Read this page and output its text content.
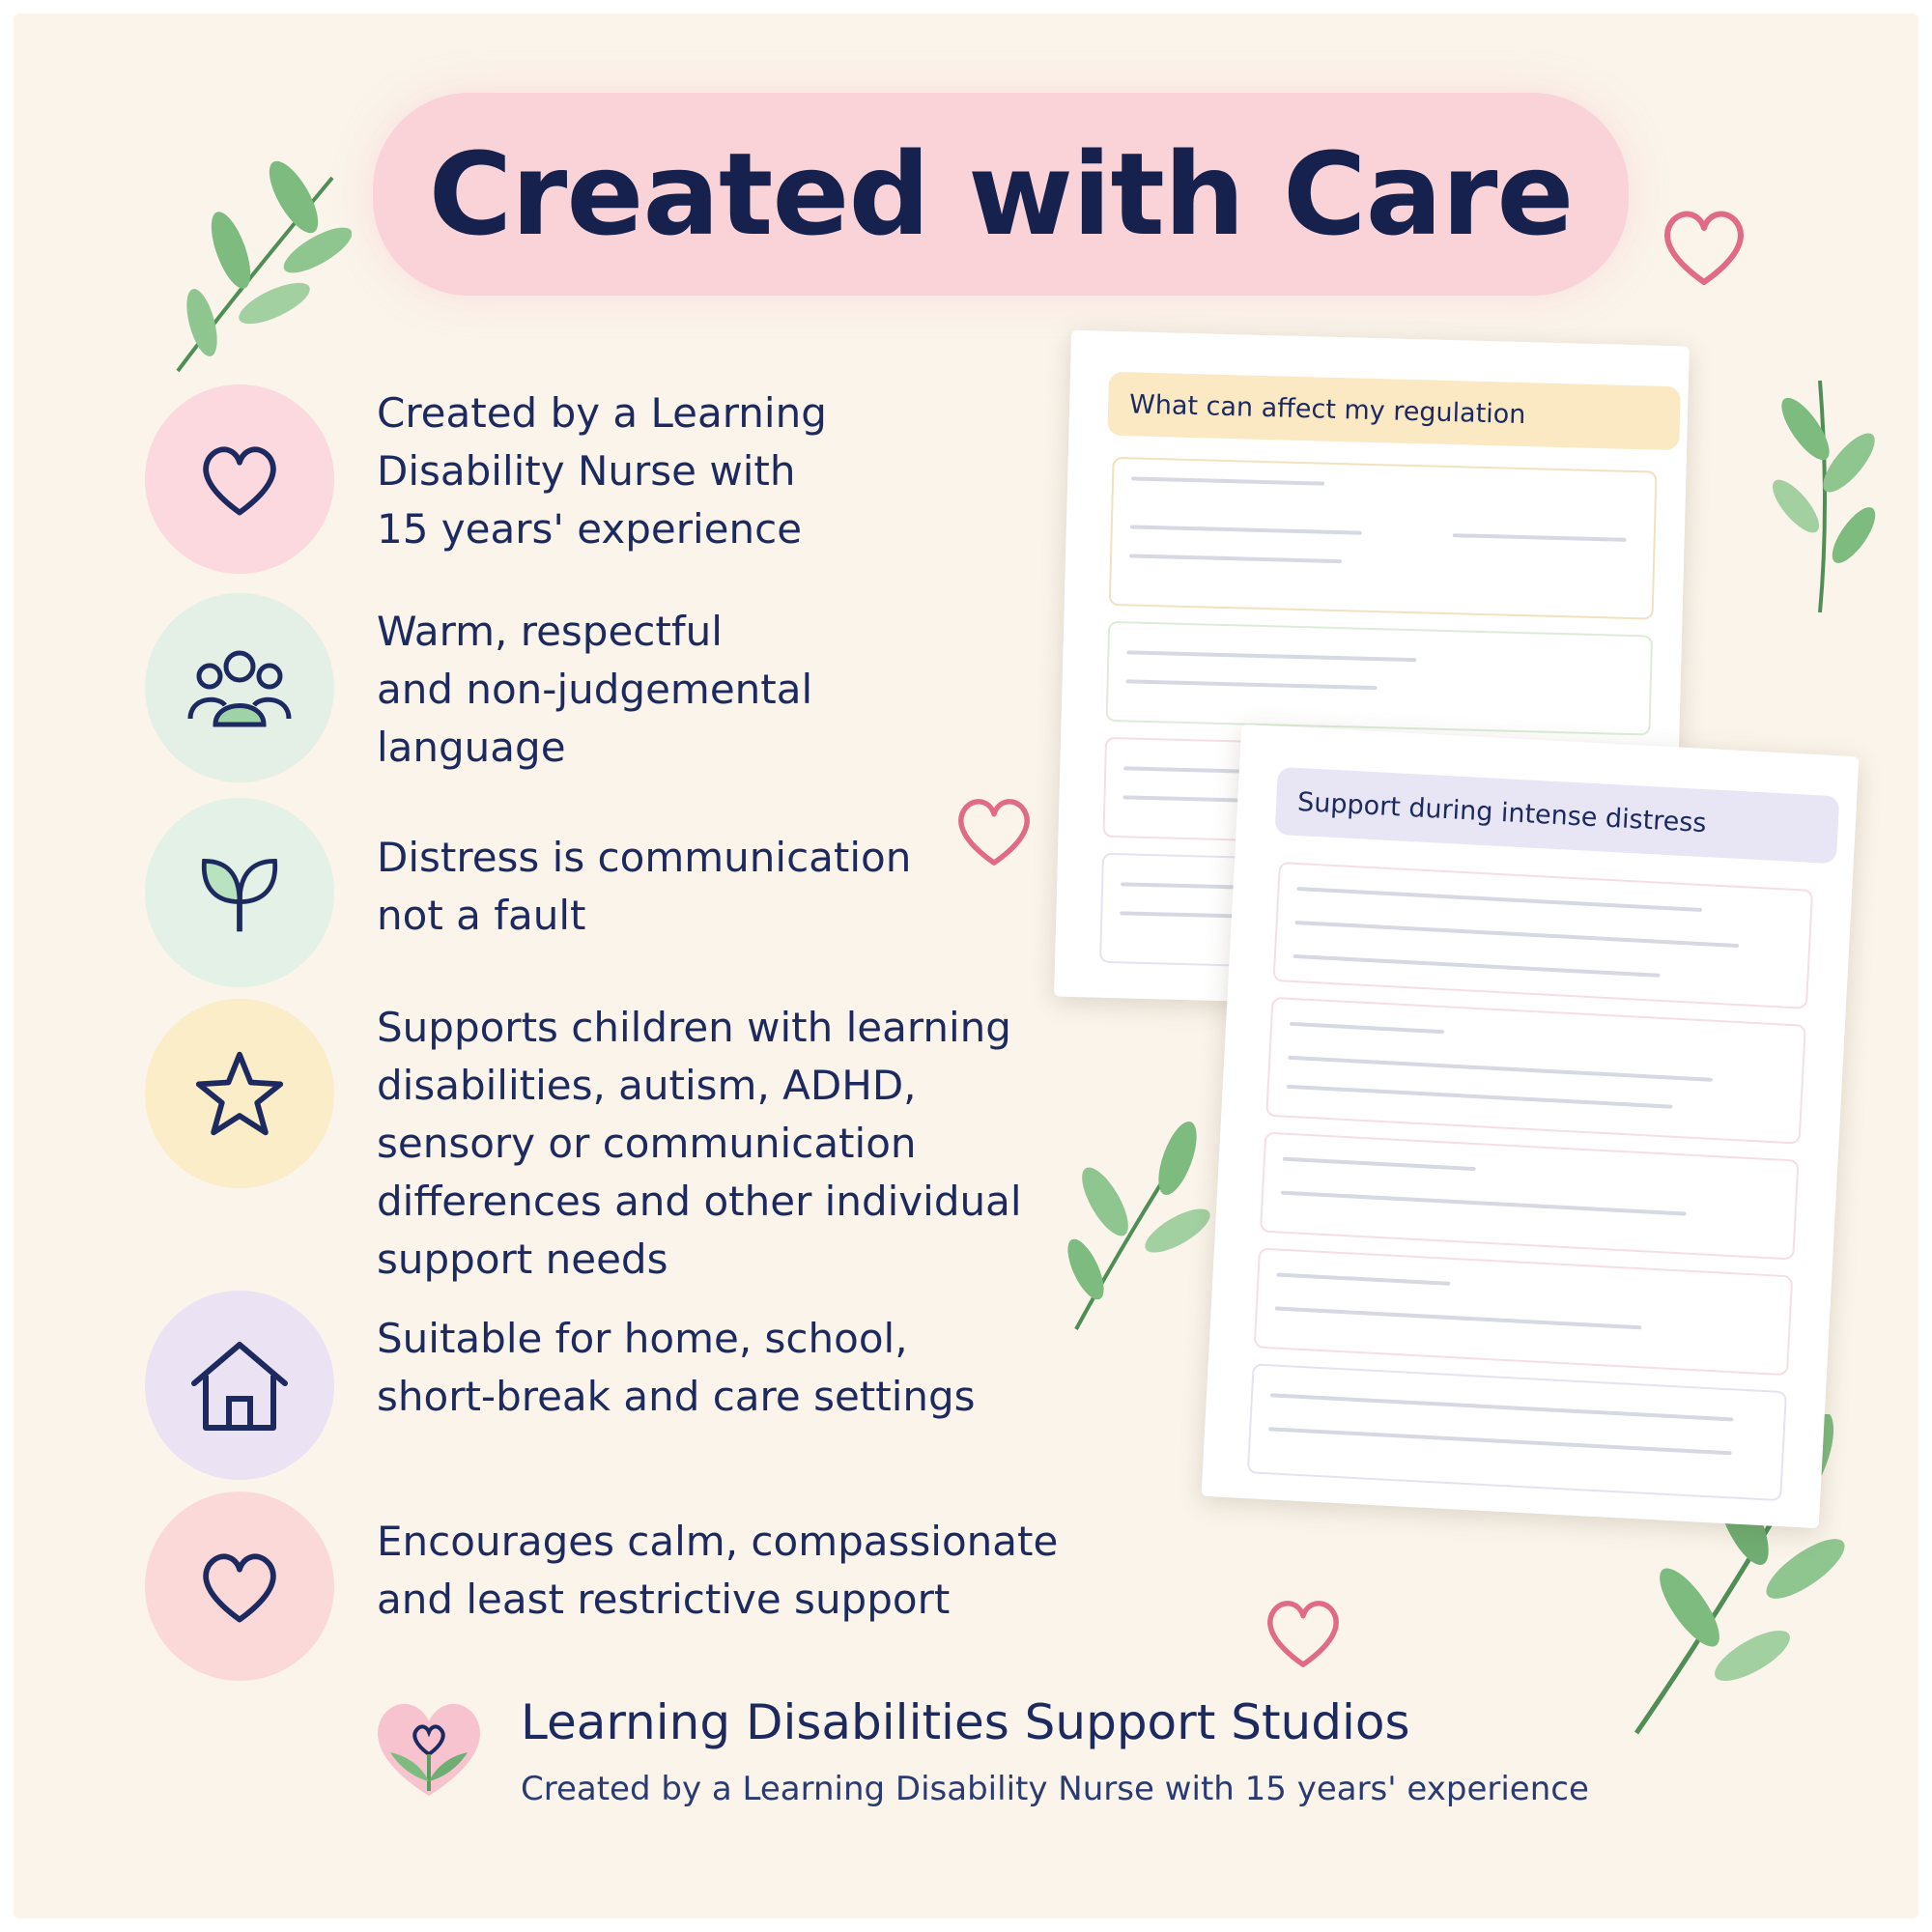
Created with Care
Created by a Learning
Disability Nurse with
15 years' experience
Warm, respectful
and non-judgemental
language
Distress is communication
not a fault
Supports children with learning
disabilities, autism, ADHD,
sensory or communication
differences and other individual
support needs
Suitable for home, school,
short-break and care settings
Encourages calm, compassionate
and least restrictive support
What can affect my regulation
Support during intense distress
Learning Disabilities Support Studios
Created by a Learning Disability Nurse with 15 years' experience
